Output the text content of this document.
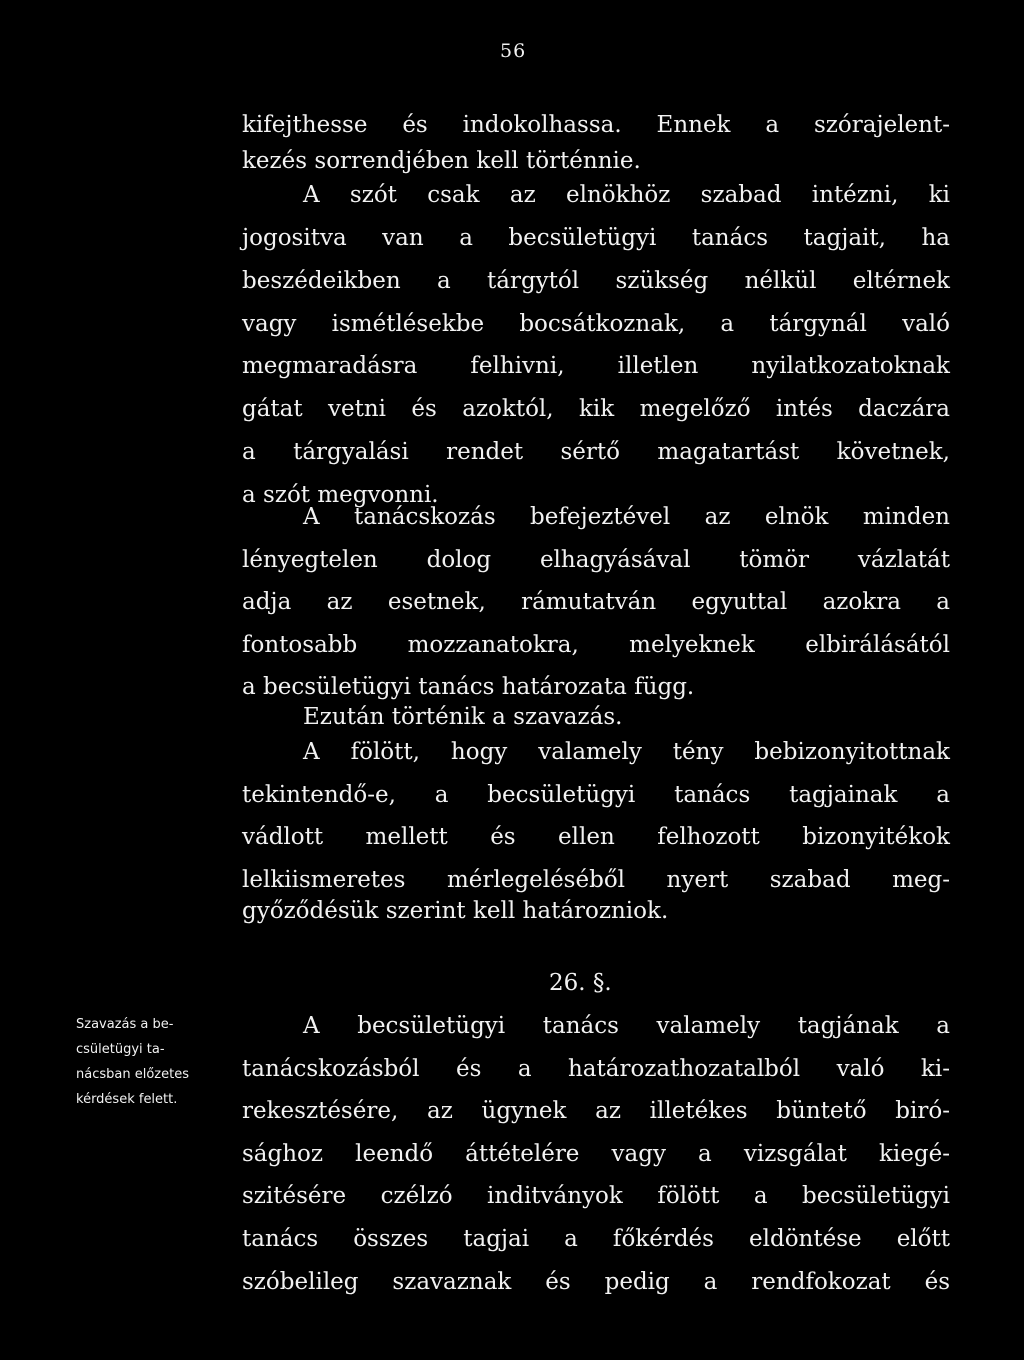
56
kifejthesse és indokolhassa. Ennek a szórajelent-
kezés sorrendjében kell történnie.
A szót csak az elnökhöz szabad intézni, ki
jogositva van a becsületügyi tanács tagjait, ha
beszédeikben a tárgytól szükség nélkül eltérnek
vagy ismétlésekbe bocsátkoznak, a tárgynál való
megmaradásra felhivni, illetlen nyilatkozatoknak
gátat vetni és azoktól, kik megelőző intés daczára
a tárgyalási rendet sértő magatartást követnek,
a szót megvonni.
A tanácskozás befejeztével az elnök minden
lényegtelen dolog elhagyásával tömör vázlatát
adja az esetnek, rámutatván egyuttal azokra a
fontosabb mozzanatokra, melyeknek elbirálásától
a becsületügyi tanács határozata függ.
Ezután történik a szavazás.
A fölött, hogy valamely tény bebizonyitottnak
tekintendő-e, a becsületügyi tanács tagjainak a
vádlott mellett és ellen felhozott bizonyitékok
lelkiismeretes mérlegeléséből nyert szabad meg-
győződésük szerint kell határozniok.
26. §.
A becsületügyi tanács valamely tagjának a
tanácskozásból és a határozathozatalból való ki-
rekesztésére, az ügynek az illetékes büntető biró-
sághoz leendő áttételére vagy a vizsgálat kiegé-
szitésére czélzó inditványok fölött a becsületügyi
tanács összes tagjai a főkérdés eldöntése előtt
szóbelileg szavaznak és pedig a rendfokozat és
Szavazás a be-
csületügyi ta-
nácsban előzetes
kérdések felett.
